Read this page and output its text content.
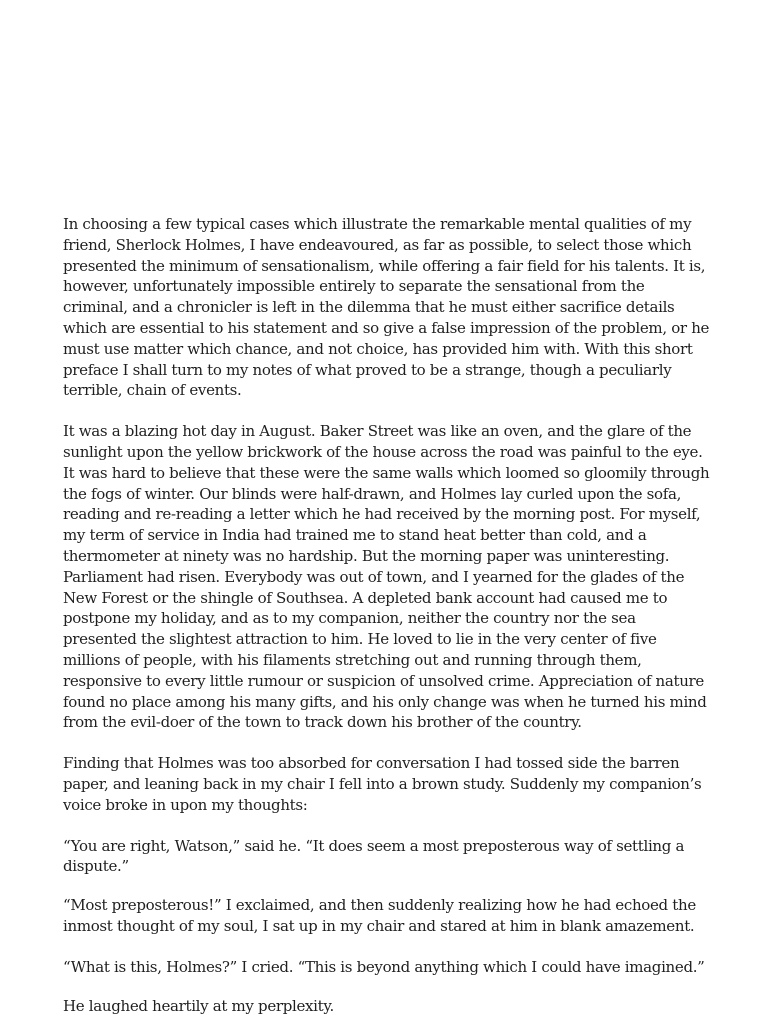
In choosing a few typical cases which illustrate the remarkable mental qualities of my friend, Sherlock Holmes, I have endeavoured, as far as possible, to select those which presented the minimum of sensationalism, while offering a fair field for his talents. It is, however, unfortunately impossible entirely to separate the sensational from the criminal, and a chronicler is left in the dilemma that he must either sacrifice details which are essential to his statement and so give a false impression of the problem, or he must use matter which chance, and not choice, has provided him with. With this short preface I shall turn to my notes of what proved to be a strange, though a peculiarly terrible, chain of events.

It was a blazing hot day in August. Baker Street was like an oven, and the glare of the sunlight upon the yellow brickwork of the house across the road was painful to the eye. It was hard to believe that these were the same walls which loomed so gloomily through the fogs of winter. Our blinds were half-drawn, and Holmes lay curled upon the sofa, reading and re-reading a letter which he had received by the morning post. For myself, my term of service in India had trained me to stand heat better than cold, and a thermometer at ninety was no hardship. But the morning paper was uninteresting. Parliament had risen. Everybody was out of town, and I yearned for the glades of the New Forest or the shingle of Southsea. A depleted bank account had caused me to postpone my holiday, and as to my companion, neither the country nor the sea presented the slightest attraction to him. He loved to lie in the very center of five millions of people, with his filaments stretching out and running through them, responsive to every little rumour or suspicion of unsolved crime. Appreciation of nature found no place among his many gifts, and his only change was when he turned his mind from the evil-doer of the town to track down his brother of the country.

Finding that Holmes was too absorbed for conversation I had tossed side the barren paper, and leaning back in my chair I fell into a brown study. Suddenly my companion’s voice broke in upon my thoughts:

“You are right, Watson,” said he. “It does seem a most preposterous way of settling a dispute.”

“Most preposterous!” I exclaimed, and then suddenly realizing how he had echoed the inmost thought of my soul, I sat up in my chair and stared at him in blank amazement.

“What is this, Holmes?” I cried. “This is beyond anything which I could have imagined.”

He laughed heartily at my perplexity.
